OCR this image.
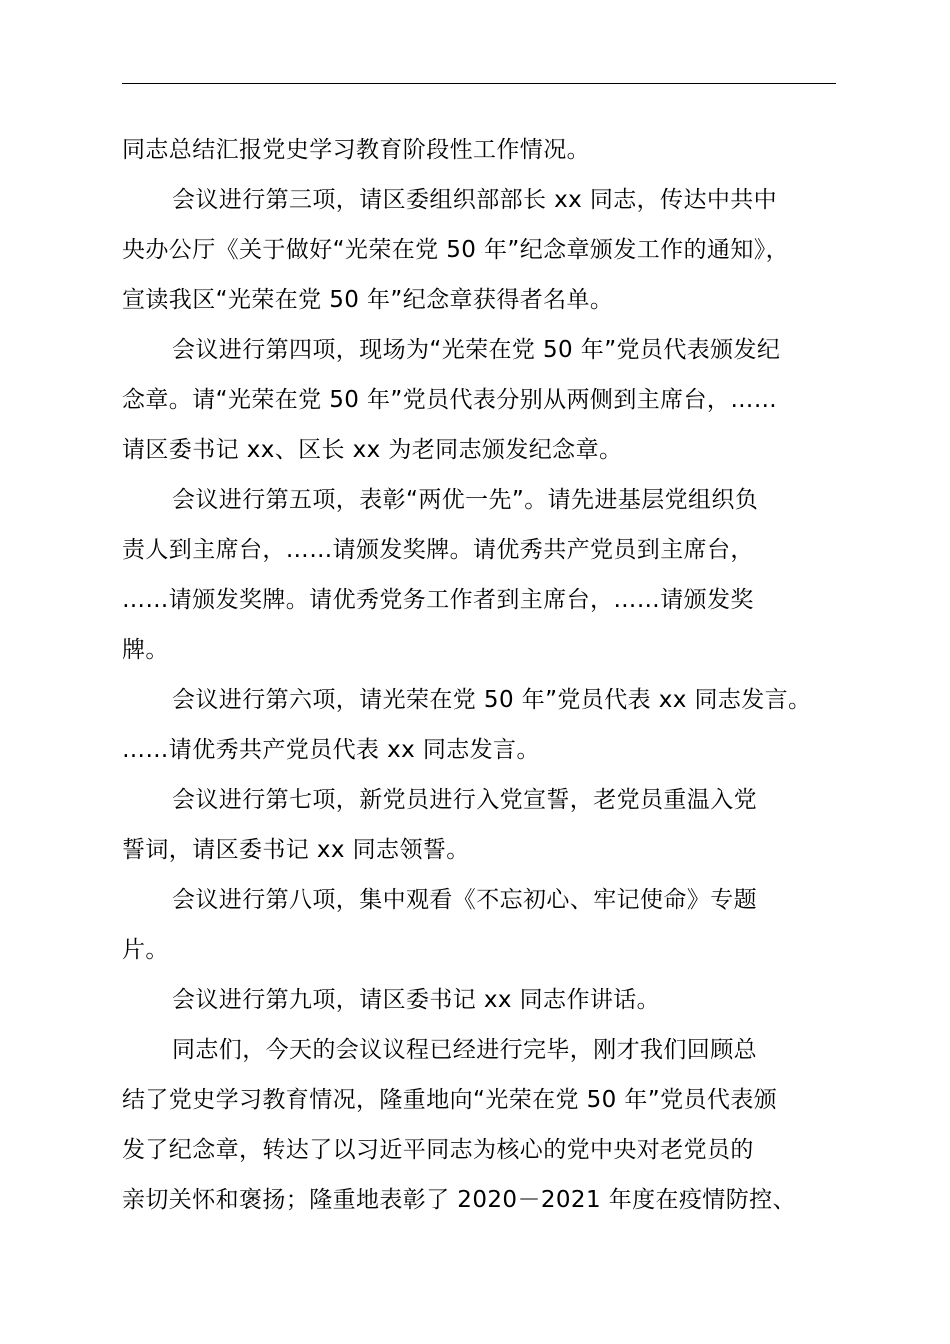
同志总结汇报党史学习教育阶段性工作情况。
会议进行第三项，请区委组织部部长 xx 同志，传达中共中
央办公厅《关于做好“光荣在党 50 年”纪念章颁发工作的通知》，
宣读我区“光荣在党 50 年”纪念章获得者名单。
会议进行第四项，现场为“光荣在党 50 年”党员代表颁发纪
念章。请“光荣在党 50 年”党员代表分别从两侧到主席台，……
请区委书记 xx、区长 xx 为老同志颁发纪念章。
会议进行第五项，表彰“两优一先”。请先进基层党组织负
责人到主席台，……请颁发奖牌。请优秀共产党员到主席台，
……请颁发奖牌。请优秀党务工作者到主席台，……请颁发奖
牌。
会议进行第六项，请光荣在党 50 年”党员代表 xx 同志发言。
……请优秀共产党员代表 xx 同志发言。
会议进行第七项，新党员进行入党宣誓，老党员重温入党
誓词，请区委书记 xx 同志领誓。
会议进行第八项，集中观看《不忘初心、牢记使命》专题
片。
会议进行第九项，请区委书记 xx 同志作讲话。
同志们，今天的会议议程已经进行完毕，刚才我们回顾总
结了党史学习教育情况，隆重地向“光荣在党 50 年”党员代表颁
发了纪念章，转达了以习近平同志为核心的党中央对老党员的
亲切关怀和褒扬；隆重地表彰了 2020－2021 年度在疫情防控、
